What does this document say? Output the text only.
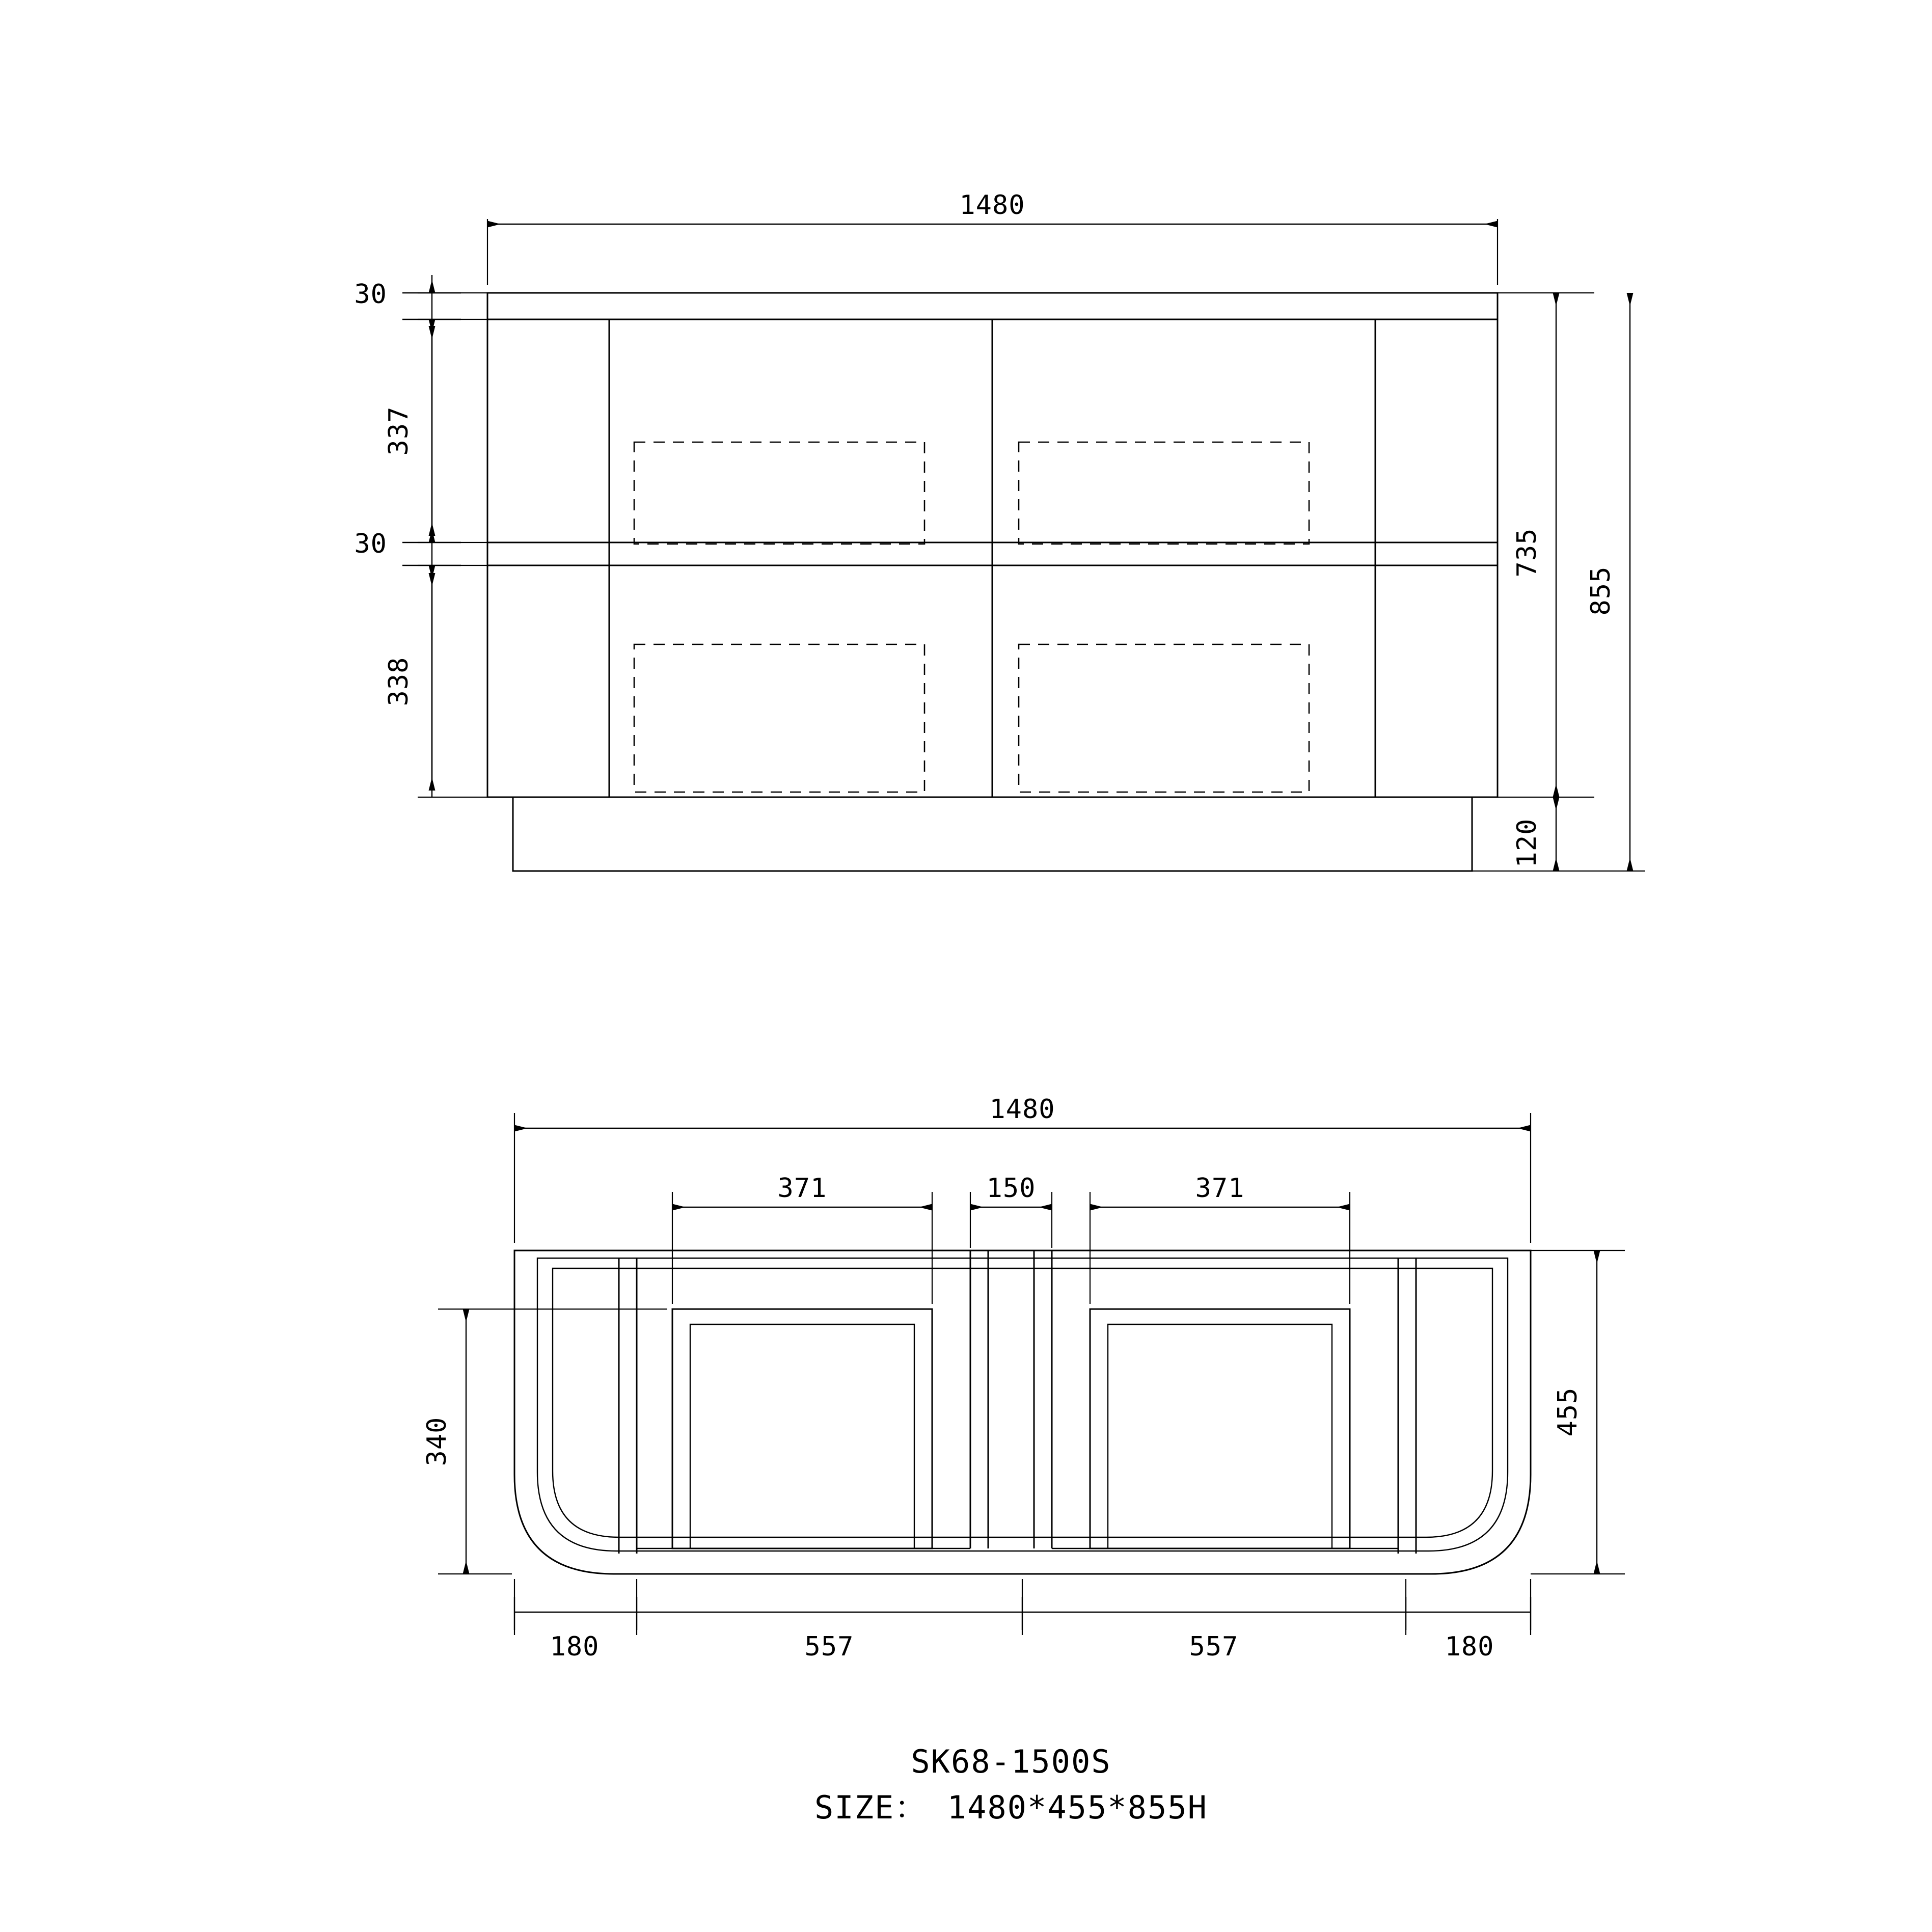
1480
30
337
30
338
735
120
855
1480
371	150	371
340
455
180	557	557	180
SK68-1500S
SIZE： 1480*455*855H
